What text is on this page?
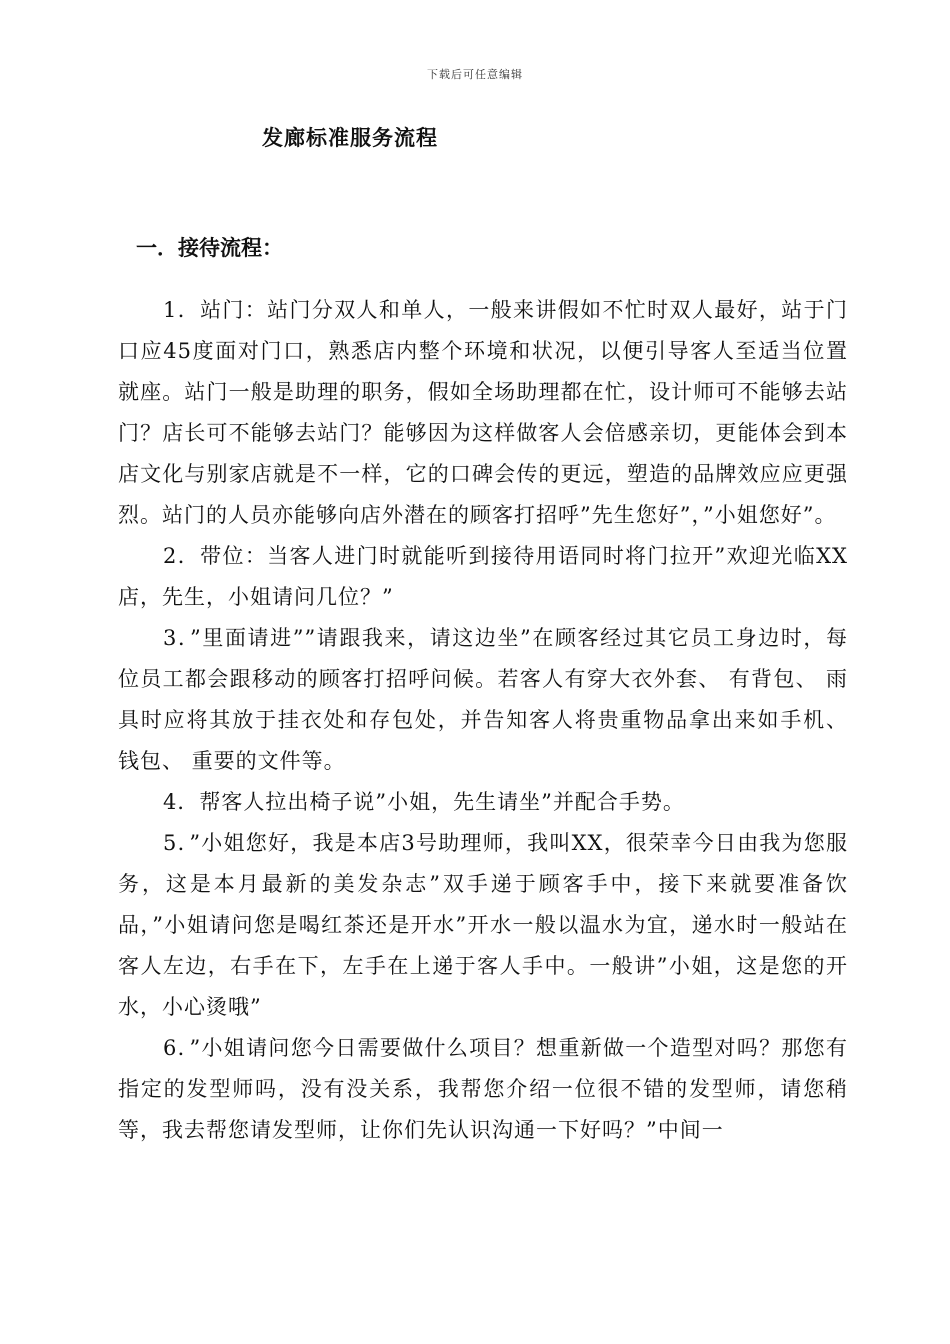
下载后可任意编辑
发廊标准服务流程
一．接待流程：

1．站门：站门分双人和单人，一般来讲假如不忙时双人最好，站于门口应45度面对门口，熟悉店内整个环境和状况，以便引导客人至适当位置就座。站门一般是助理的职务，假如全场助理都在忙，设计师可不能够去站门？店长可不能够去站门？能够因为这样做客人会倍感亲切，更能体会到本店文化与别家店就是不一样，它的口碑会传的更远，塑造的品牌效应应更强烈。站门的人员亦能够向店外潜在的顾客打招呼”先生您好”，”小姐您好”。

2．带位：当客人进门时就能听到接待用语同时将门拉开”欢迎光临XX店，先生，小姐请问几位？”

3．”里面请进””请跟我来，请这边坐”在顾客经过其它员工身边时，每位员工都会跟移动的顾客打招呼问候。若客人有穿大衣外套、 有背包、 雨具时应将其放于挂衣处和存包处，并告知客人将贵重物品拿出来如手机、 钱包、 重要的文件等。

4．帮客人拉出椅子说”小姐，先生请坐”并配合手势。

5．”小姐您好，我是本店3号助理师，我叫XX，很荣幸今日由我为您服务，这是本月最新的美发杂志”双手递于顾客手中，接下来就要准备饮品，”小姐请问您是喝红茶还是开水”开水一般以温水为宜，递水时一般站在客人左边，右手在下，左手在上递于客人手中。一般讲”小姐，这是您的开水，小心烫哦”

6．”小姐请问您今日需要做什么项目？想重新做一个造型对吗？那您有指定的发型师吗，没有没关系，我帮您介绍一位很不错的发型师，请您稍等，我去帮您请发型师，让你们先认识沟通一下好吗？”中间一
